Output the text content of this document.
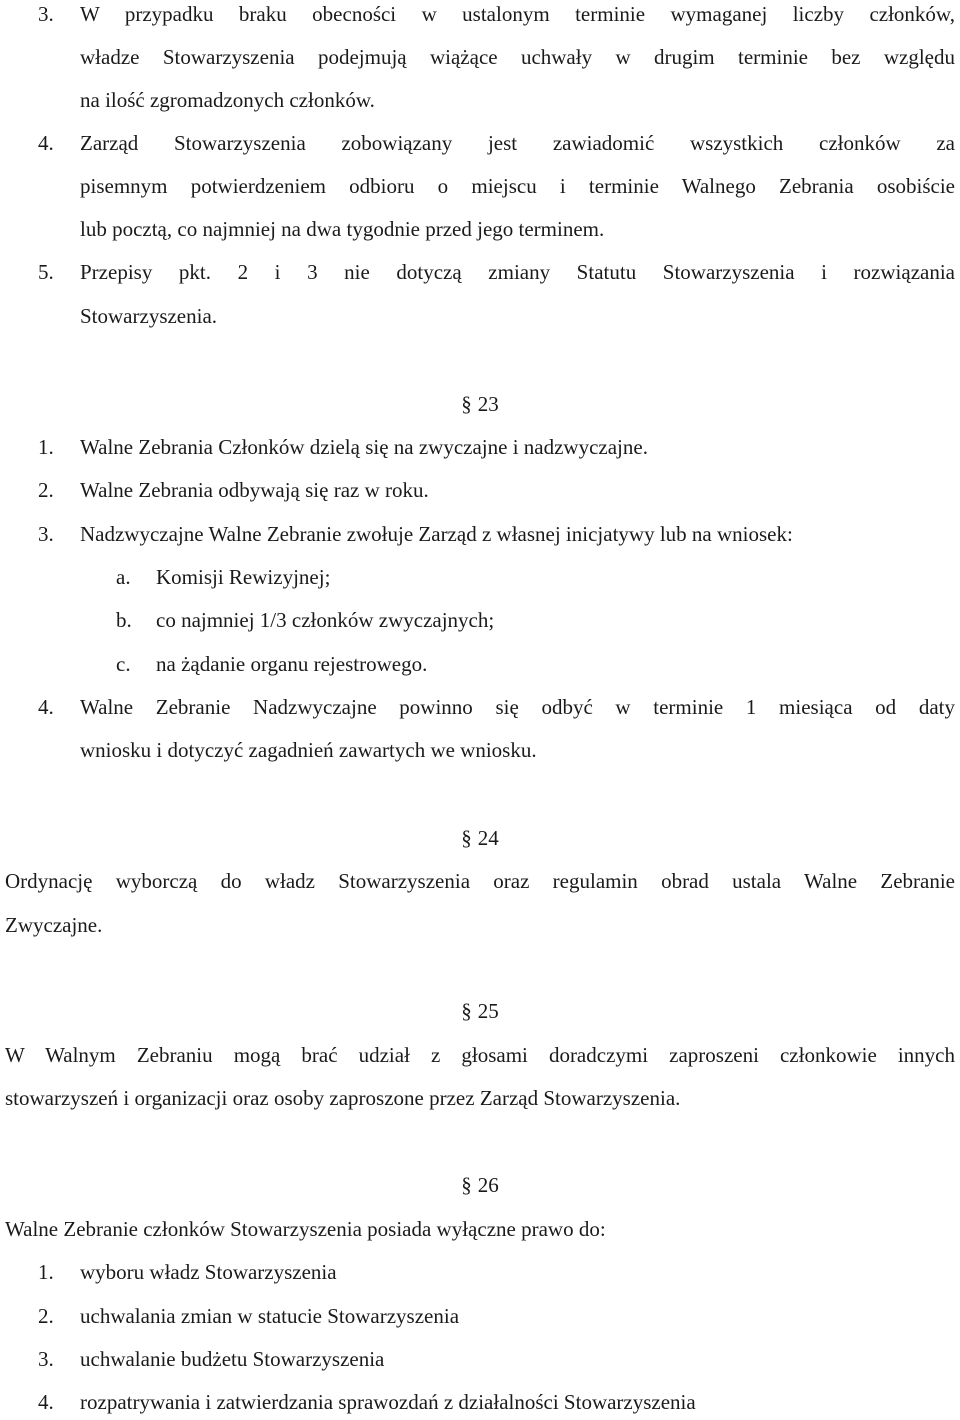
3. W przypadku braku obecności w ustalonym terminie wymaganej liczby członków,
władze Stowarzyszenia podejmują wiążące uchwały w drugim terminie bez względu
na ilość zgromadzonych członków.
4. Zarząd Stowarzyszenia zobowiązany jest zawiadomić wszystkich członków za
pisemnym potwierdzeniem odbioru o miejscu i terminie Walnego Zebrania osobiście
lub pocztą, co najmniej na dwa tygodnie przed jego terminem.
5. Przepisy pkt. 2 i 3 nie dotyczą zmiany Statutu Stowarzyszenia i rozwiązania
Stowarzyszenia.
§ 23
1. Walne Zebrania Członków dzielą się na zwyczajne i nadzwyczajne.
2. Walne Zebrania odbywają się raz w roku.
3. Nadzwyczajne Walne Zebranie zwołuje Zarząd z własnej inicjatywy lub na wniosek:
a. Komisji Rewizyjnej;
b. co najmniej 1/3 członków zwyczajnych;
c. na żądanie organu rejestrowego.
4. Walne Zebranie Nadzwyczajne powinno się odbyć w terminie 1 miesiąca od daty
wniosku i dotyczyć zagadnień zawartych we wniosku.
§ 24
Ordynację wyborczą do władz Stowarzyszenia oraz regulamin obrad ustala Walne Zebranie
Zwyczajne.
§ 25
W Walnym Zebraniu mogą brać udział z głosami doradczymi zaproszeni członkowie innych
stowarzyszeń i organizacji oraz osoby zaproszone przez Zarząd Stowarzyszenia.
§ 26
Walne Zebranie członków Stowarzyszenia posiada wyłączne prawo do:
1. wyboru władz Stowarzyszenia
2. uchwalania zmian w statucie Stowarzyszenia
3. uchwalanie budżetu Stowarzyszenia
4. rozpatrywania i zatwierdzania sprawozdań z działalności Stowarzyszenia
